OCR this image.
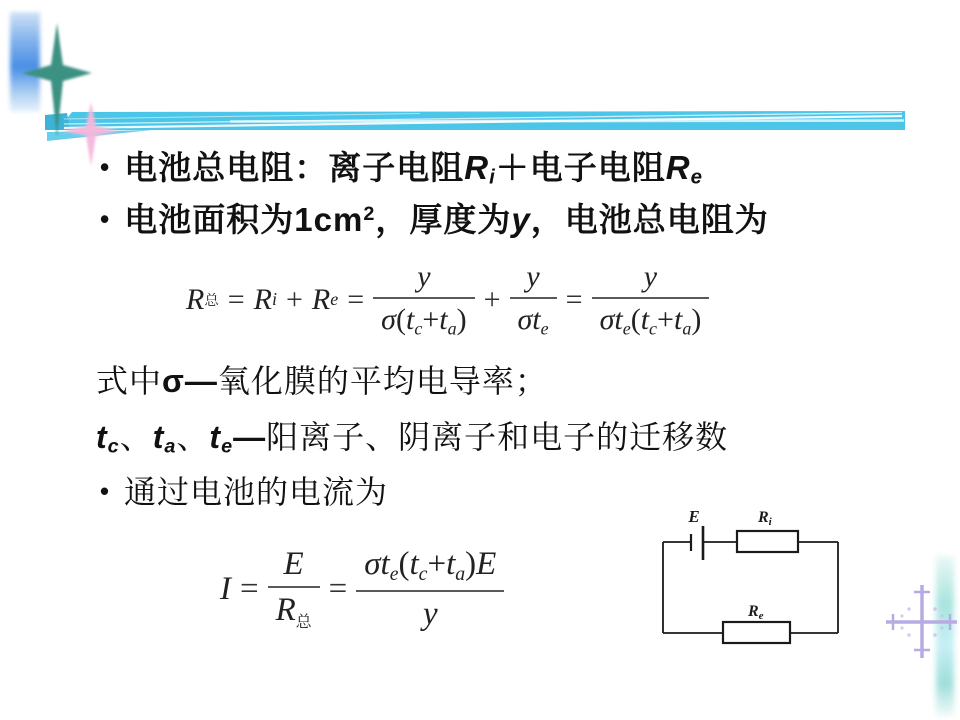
• 电池总电阻：离子电阻$R_i+$电子电阻$R_e$
• 电池面积为$1cm^2$，厚度为y，电池总电阻为
R 总 = R i + R $e = \frac{y}{\sigma(tc+ta)} + \frac{y}{\text{σte}} = \frac{y}{\text{σte(tc+ta)}}$
式中σ—氧化膜的平均电导率；
$t_c$、$t_a$、$t_e—$阳离子、阴离子和电子的迁移数
• 通过电池的电流为
$I = \frac{E}{R_总} = \frac{\text{σte(tc+ta)E}}{y}$
E	Ri
Re
